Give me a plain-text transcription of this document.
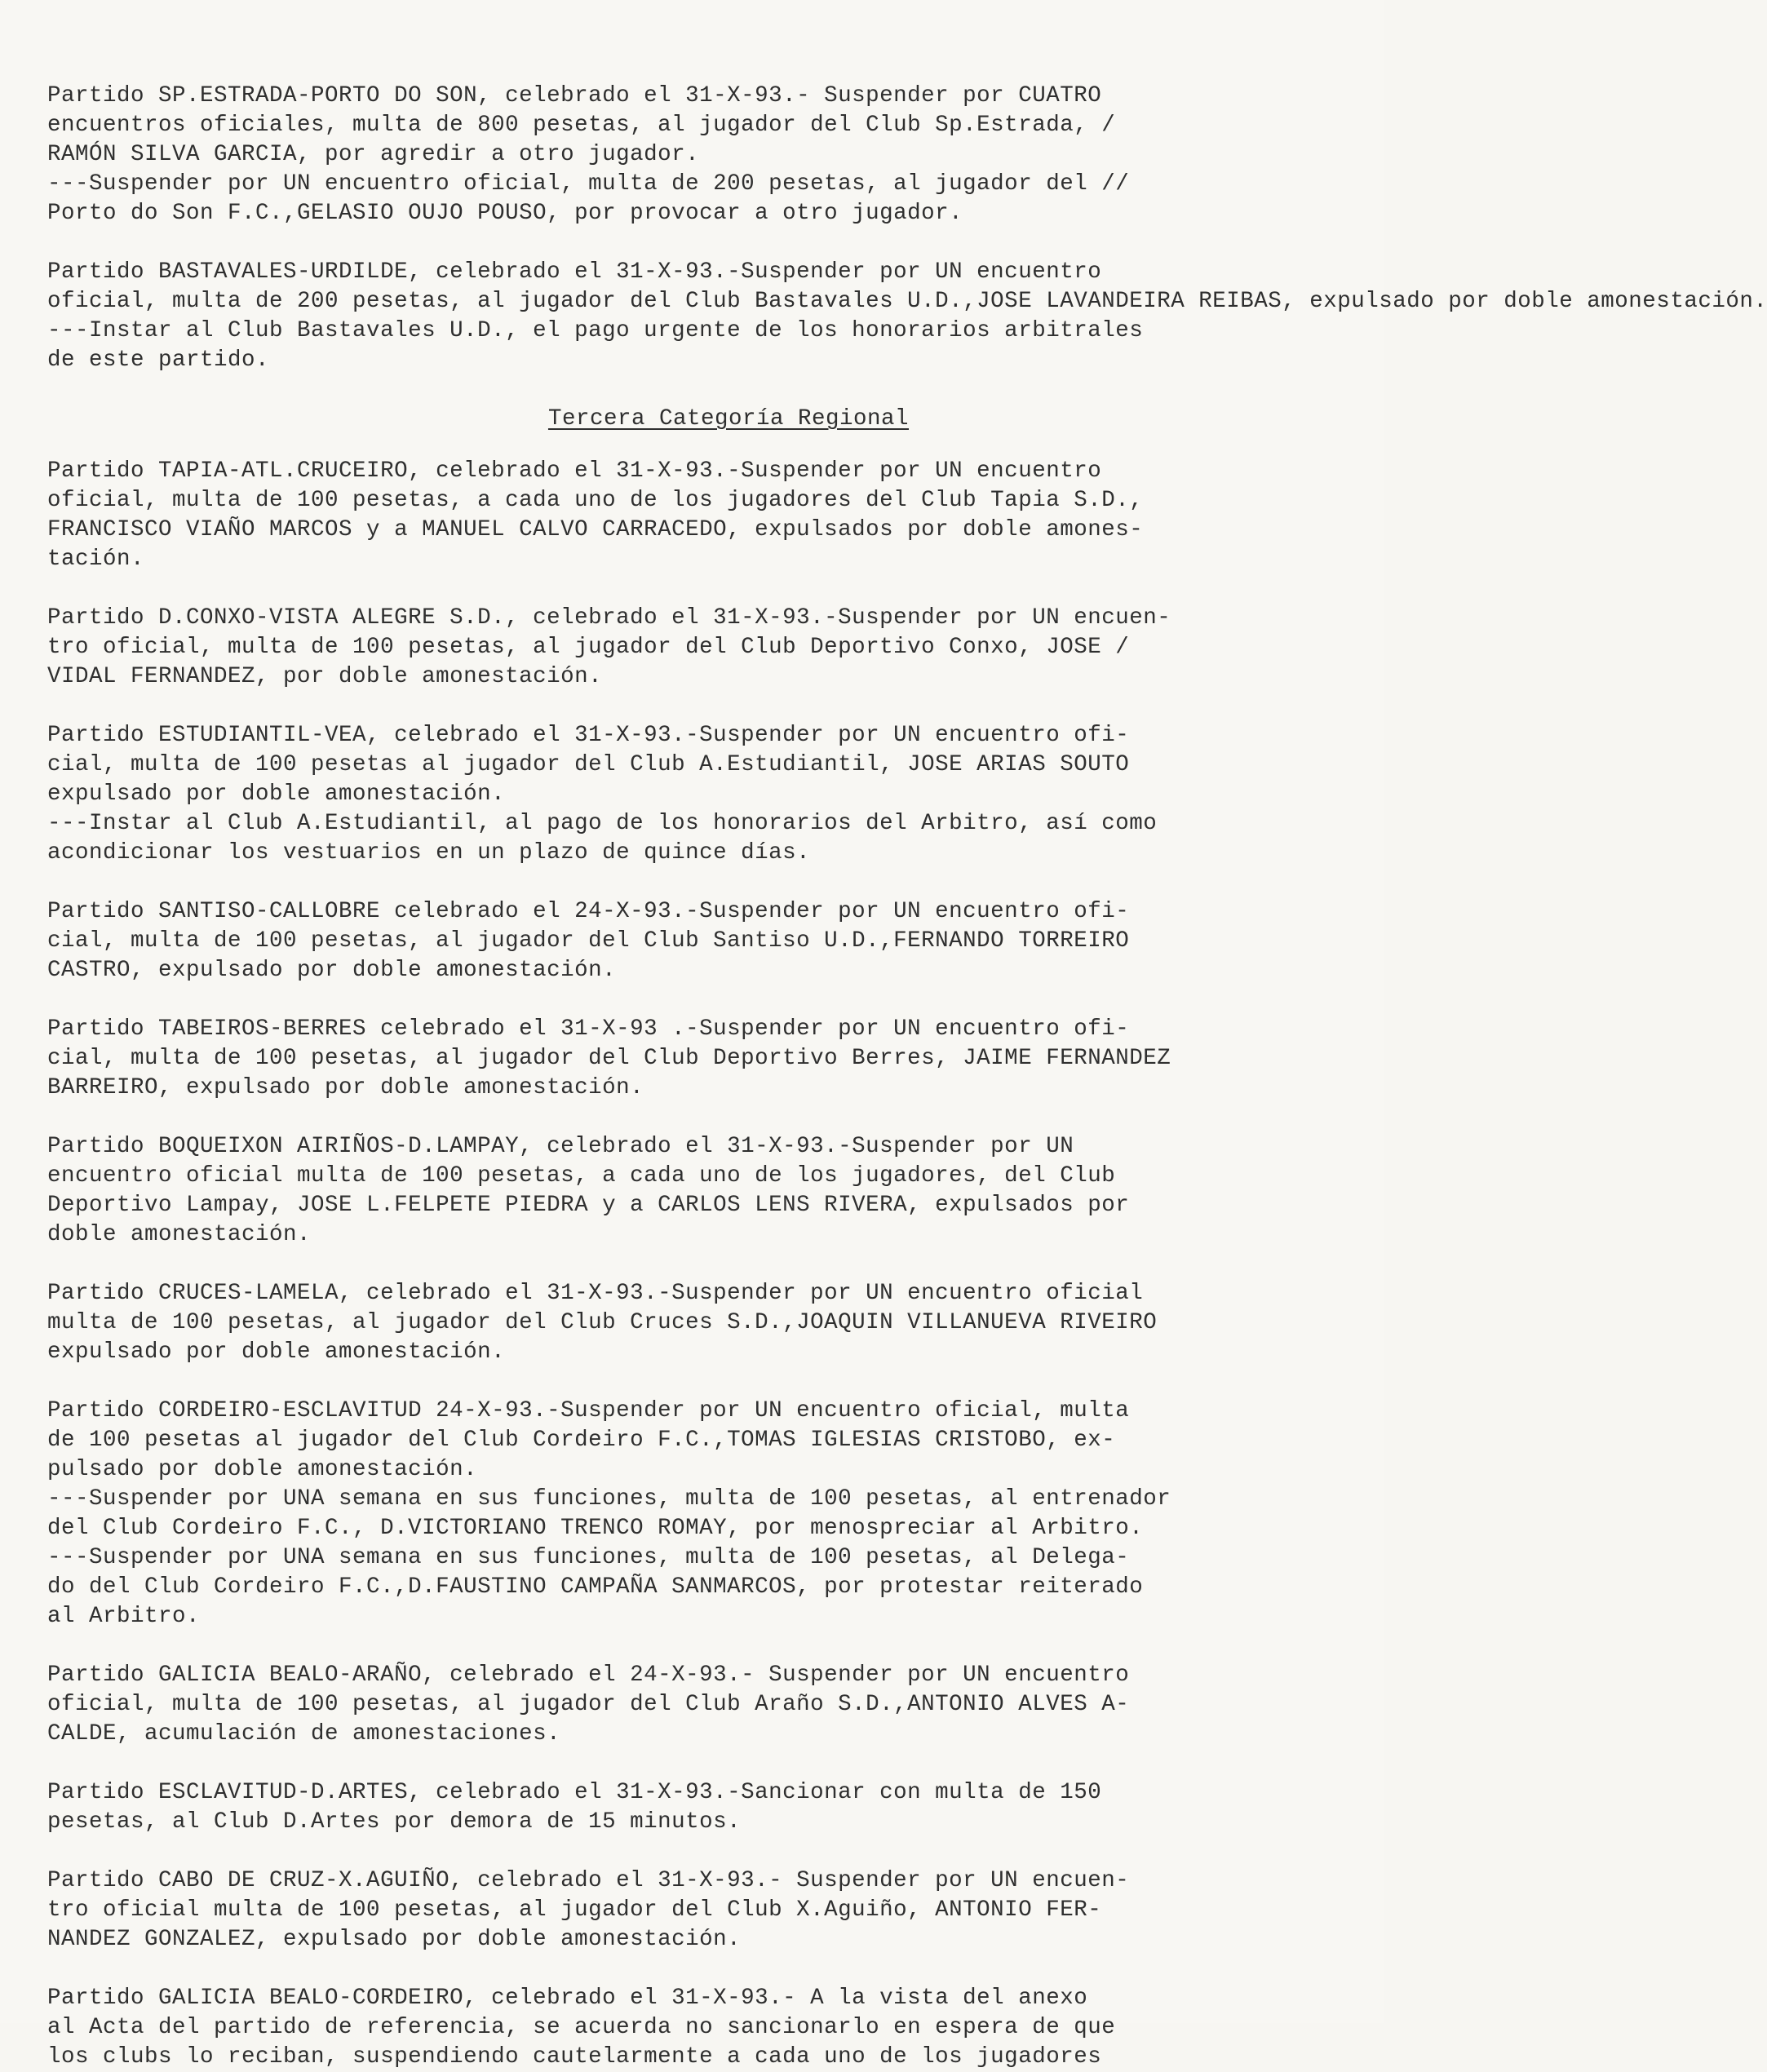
Partido SP.ESTRADA-PORTO DO SON, celebrado el 31-X-93.- Suspender por CUATRO
encuentros oficiales, multa de 800 pesetas, al jugador del Club Sp.Estrada, /
RAMÓN SILVA GARCIA, por agredir a otro jugador.
---Suspender por UN encuentro oficial, multa de 200 pesetas, al jugador del //
Porto do Son F.C.,GELASIO OUJO POUSO, por provocar a otro jugador.
Partido BASTAVALES-URDILDE, celebrado el 31-X-93.-Suspender por UN encuentro
oficial, multa de 200 pesetas, al jugador del Club Bastavales U.D.,JOSE LAVANDEIRA REIBAS, expulsado por doble amonestación.
---Instar al Club Bastavales U.D., el pago urgente de los honorarios arbitrales
de este partido.
Tercera Categoría Regional
Partido TAPIA-ATL.CRUCEIRO, celebrado el 31-X-93.-Suspender por UN encuentro
oficial, multa de 100 pesetas, a cada uno de los jugadores del Club Tapia S.D.,
FRANCISCO VIAÑO MARCOS y a MANUEL CALVO CARRACEDO, expulsados por doble amones-
tación.
Partido D.CONXO-VISTA ALEGRE S.D., celebrado el 31-X-93.-Suspender por UN encuen-
tro oficial, multa de 100 pesetas, al jugador del Club Deportivo Conxo, JOSE /
VIDAL FERNANDEZ, por doble amonestación.
Partido ESTUDIANTIL-VEA, celebrado el 31-X-93.-Suspender por UN encuentro ofi-
cial, multa de 100 pesetas al jugador del Club A.Estudiantil, JOSE ARIAS SOUTO
expulsado por doble amonestación.
---Instar al Club A.Estudiantil, al pago de los honorarios del Arbitro, así como
acondicionar los vestuarios en un plazo de quince días.
Partido SANTISO-CALLOBRE celebrado el 24-X-93.-Suspender por UN encuentro ofi-
cial, multa de 100 pesetas, al jugador del Club Santiso U.D.,FERNANDO TORREIRO
CASTRO, expulsado por doble amonestación.
Partido TABEIROS-BERRES celebrado el 31-X-93 .-Suspender por UN encuentro ofi-
cial, multa de 100 pesetas, al jugador del Club Deportivo Berres, JAIME FERNANDEZ
BARREIRO, expulsado por doble amonestación.
Partido BOQUEIXON AIRIÑOS-D.LAMPAY, celebrado el 31-X-93.-Suspender por UN
encuentro oficial multa de 100 pesetas, a cada uno de los jugadores, del Club
Deportivo Lampay, JOSE L.FELPETE PIEDRA y a CARLOS LENS RIVERA, expulsados por
doble amonestación.
Partido CRUCES-LAMELA, celebrado el 31-X-93.-Suspender por UN encuentro oficial
multa de 100 pesetas, al jugador del Club Cruces S.D.,JOAQUIN VILLANUEVA RIVEIRO
expulsado por doble amonestación.
Partido CORDEIRO-ESCLAVITUD 24-X-93.-Suspender por UN encuentro oficial, multa
de 100 pesetas al jugador del Club Cordeiro F.C.,TOMAS IGLESIAS CRISTOBO, ex-
pulsado por doble amonestación.
---Suspender por UNA semana en sus funciones, multa de 100 pesetas, al entrenador
del Club Cordeiro F.C., D.VICTORIANO TRENCO ROMAY, por menospreciar al Arbitro.
---Suspender por UNA semana en sus funciones, multa de 100 pesetas, al Delega-
do del Club Cordeiro F.C.,D.FAUSTINO CAMPAÑA SANMARCOS, por protestar reiterado
al Arbitro.
Partido GALICIA BEALO-ARAÑO, celebrado el 24-X-93.- Suspender por UN encuentro
oficial, multa de 100 pesetas, al jugador del Club Araño S.D.,ANTONIO ALVES A-
CALDE, acumulación de amonestaciones.
Partido ESCLAVITUD-D.ARTES, celebrado el 31-X-93.-Sancionar con multa de 150
pesetas, al Club D.Artes por demora de 15 minutos.
Partido CABO DE CRUZ-X.AGUIÑO, celebrado el 31-X-93.- Suspender por UN encuen-
tro oficial multa de 100 pesetas, al jugador del Club X.Aguiño, ANTONIO FER-
NANDEZ GONZALEZ, expulsado por doble amonestación.
Partido GALICIA BEALO-CORDEIRO, celebrado el 31-X-93.- A la vista del anexo
al Acta del partido de referencia, se acuerda no sancionarlo en espera de que
los clubs lo reciban, suspendiendo cautelarmente a cada uno de los jugadores
